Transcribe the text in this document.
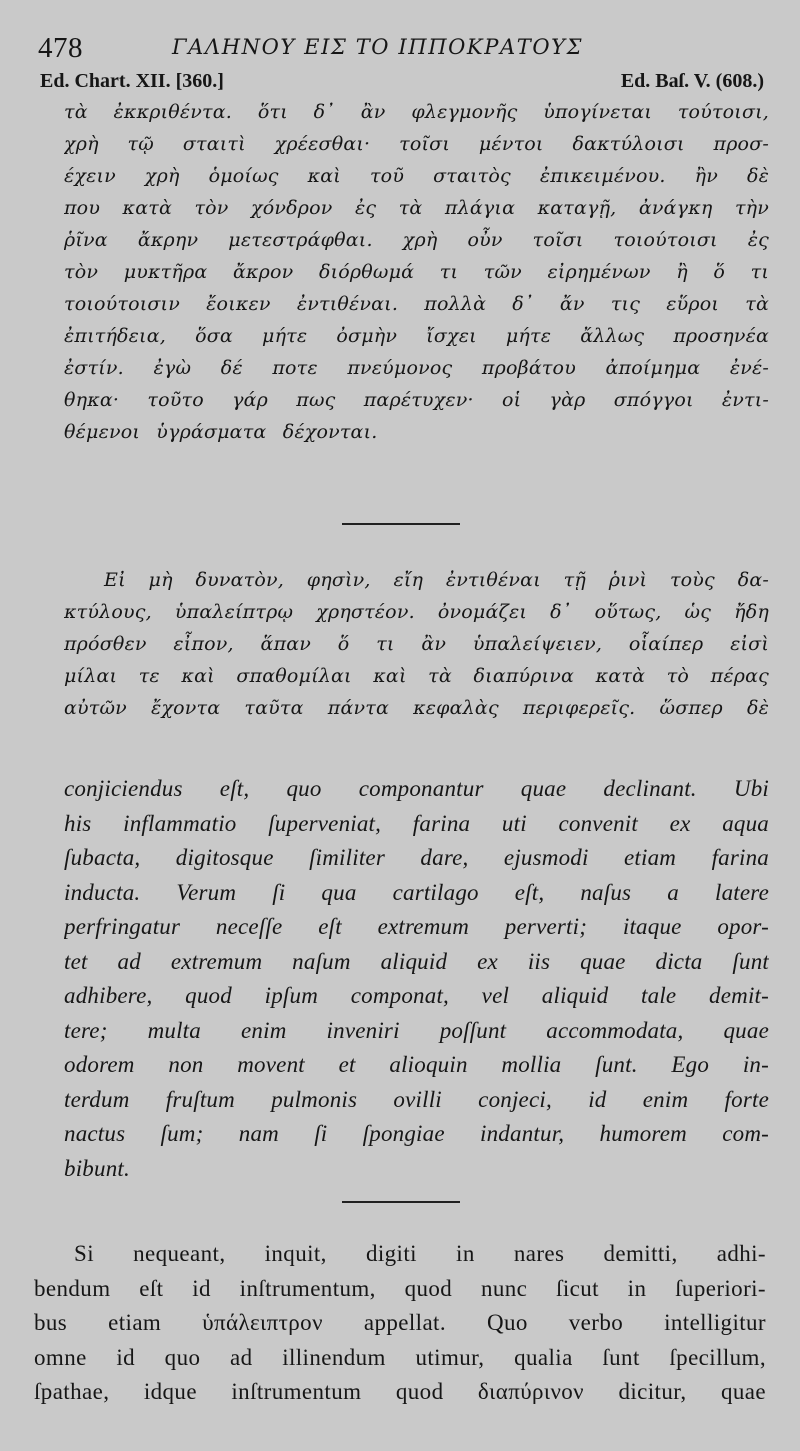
478	ΓΑΛΗΝΟΥ ΕΙΣ ΤΟ ΙΠΠΟΚΡΑΤΟΥΣ
Ed. Chart. XII. [360.]	Ed. Baſ. V. (608.)
τὰ ἐκκριθέντα. ὅτι δ᾽ ἂν φλεγμονῆς ὑπογίνεται τούτοισι,
χρὴ τῷ σταιτὶ χρέεσθαι· τοῖσι μέντοι δακτύλοισι προσ-
έχειν χρὴ ὁμοίως καὶ τοῦ σταιτὸς ἐπικειμένου. ἢν δὲ
που κατὰ τὸν χόνδρον ἐς τὰ πλάγια καταγῇ, ἀνάγκη τὴν
ῥῖνα ἄκρην μετεστράφθαι. χρὴ οὖν τοῖσι τοιούτοισι ἐς
τὸν μυκτῆρα ἄκρον διόρθωμά τι τῶν εἰρημένων ἢ ὅ τι
τοιούτοισιν ἔοικεν ἐντιθέναι. πολλὰ δ᾽ ἄν τις εὕροι τὰ
ἐπιτήδεια, ὅσα μήτε ὀσμὴν ἴσχει μήτε ἄλλως προσηνέα
ἐστίν. ἐγὼ δέ ποτε πνεύμονος προβάτου ἀποίμημα ἐνέ-
θηκα· τοῦτο γάρ πως παρέτυχεν· οἱ γὰρ σπόγγοι ἐντι-
θέμενοι ὑγράσματα δέχονται.
Εἰ μὴ δυνατὸν, φησὶν, εἴη ἐντιθέναι τῇ ῥινὶ τοὺς δα-
κτύλους, ὑπαλείπτρῳ χρηστέον. ὀνομάζει δ᾽ οὕτως, ὡς ἤδη
πρόσθεν εἶπον, ἅπαν ὅ τι ἂν ὑπαλείψειεν, οἷαίπερ εἰσὶ
μίλαι τε καὶ σπαθομίλαι καὶ τὰ διαπύρινα κατὰ τὸ πέρας
αὐτῶν ἔχοντα ταῦτα πάντα κεφαλὰς περιφερεῖς. ὥσπερ δὲ
conjiciendus eſt, quo componantur quae declinant. Ubi
his inflammatio ſuperveniat, farina uti convenit ex aqua
ſubacta, digitosque ſimiliter dare, ejusmodi etiam farina
inducta. Verum ſi qua cartilago eſt, naſus a latere
perfringatur neceſſe eſt extremum perverti; itaque opor-
tet ad extremum naſum aliquid ex iis quae dicta ſunt
adhibere, quod ipſum componat, vel aliquid tale demit-
tere; multa enim inveniri poſſunt accommodata, quae
odorem non movent et alioquin mollia ſunt. Ego in-
terdum fruſtum pulmonis ovilli conjeci, id enim forte
nactus ſum; nam ſi ſpongiae indantur, humorem com-
bibunt.
Si nequeant, inquit, digiti in nares demitti, adhi-
bendum eſt id inſtrumentum, quod nunc ſicut in ſuperiori-
bus etiam ὑπάλειπτρον appellat. Quo verbo intelligitur
omne id quo ad illinendum utimur, qualia ſunt ſpecillum,
ſpathae, idque inſtrumentum quod διαπύρινον dicitur, quae
